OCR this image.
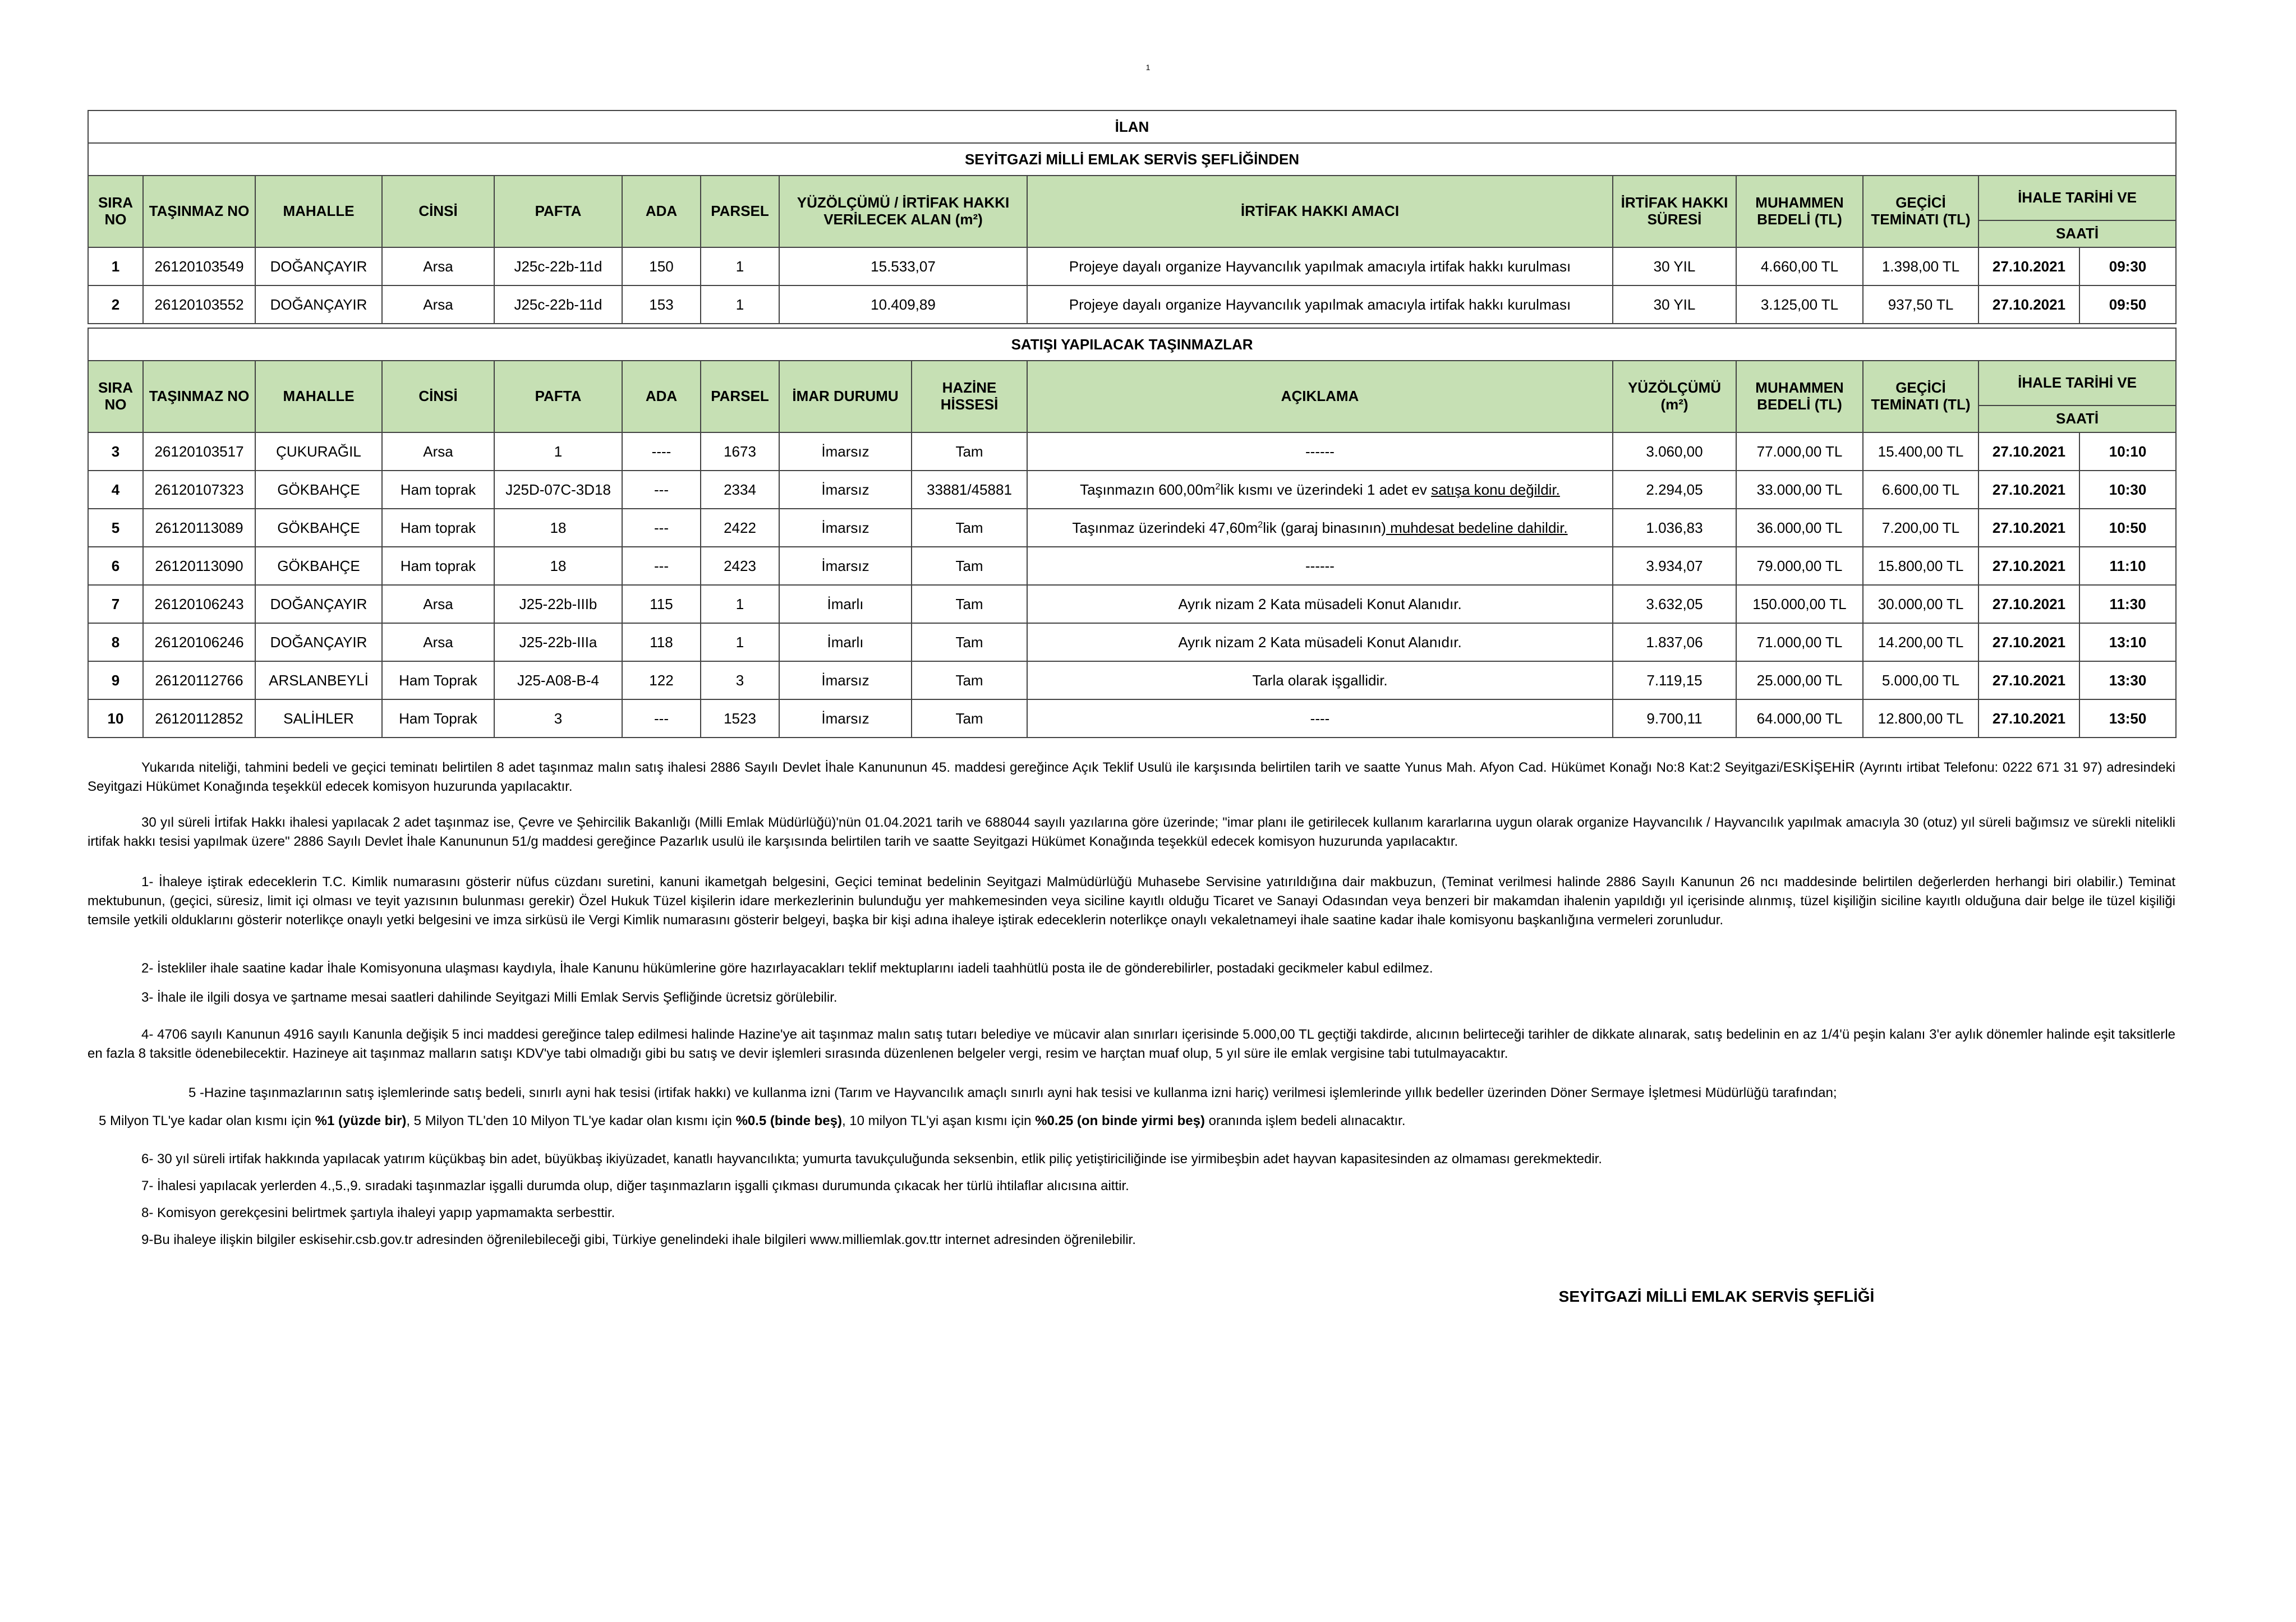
1
İLAN													
SEYİTGAZİ MİLLİ EMLAK SERVİS ŞEFLİĞİNDEN													
SIRA NO	TAŞINMAZ NO	MAHALLE	CİNSİ	PAFTA	ADA	PARSEL	YÜZÖLÇÜMÜ / İRTİFAK HAKKI VERİLECEK ALAN (m²)	İRTİFAK HAKKI AMACI	İRTİFAK HAKKI SÜRESİ	MUHAMMEN BEDELİ (TL)	GEÇİCİ TEMİNATI (TL)	İHALE TARİHİ VE	
												SAATİ	
1	26120103549	DOĞANÇAYIR	Arsa	J25c-22b-11d	150	1	15.533,07	Projeye dayalı organize Hayvancılık yapılmak amacıyla irtifak hakkı kurulması	30 YIL	4.660,00 TL	1.398,00 TL	27.10.2021	09:30
2	26120103552	DOĞANÇAYIR	Arsa	J25c-22b-11d	153	1	10.409,89	Projeye dayalı organize Hayvancılık yapılmak amacıyla irtifak hakkı kurulması	30 YIL	3.125,00 TL	937,50 TL	27.10.2021	09:50
SATIŞI YAPILACAK TAŞINMAZLAR														
SIRA NO	TAŞINMAZ NO	MAHALLE	CİNSİ	PAFTA	ADA	PARSEL	İMAR DURUMU	HAZİNE HİSSESİ	AÇIKLAMA	YÜZÖLÇÜMÜ (m²)	MUHAMMEN BEDELİ (TL)	GEÇİCİ TEMİNATI (TL)	İHALE TARİHİ VE	
													SAATİ	
3	26120103517	ÇUKURAĞIL	Arsa	1	----	1673	İmarsız	Tam	------	3.060,00	77.000,00 TL	15.400,00 TL	27.10.2021	10:10
4	26120107323	GÖKBAHÇE	Ham toprak	J25D-07C-3D18	---	2334	İmarsız	33881/45881	Taşınmazın $600,00m^2lik$ kısmı ve üzerindeki 1 adet ev satışa konu değildir.	2.294,05	33.000,00 TL	6.600,00 TL	27.10.2021	10:30
5	26120113089	GÖKBAHÇE	Ham toprak	18	---	2422	İmarsız	Tam	Taşınmaz üzerindeki $47,60m^2lik$ (garaj binasının) muhdesat bedeline dahildir.	1.036,83	36.000,00 TL	7.200,00 TL	27.10.2021	10:50
6	26120113090	GÖKBAHÇE	Ham toprak	18	---	2423	İmarsız	Tam	------	3.934,07	79.000,00 TL	15.800,00 TL	27.10.2021	11:10
7	26120106243	DOĞANÇAYIR	Arsa	J25-22b-IIIb	115	1	İmarlı	Tam	Ayrık nizam 2 Kata müsadeli Konut Alanıdır.	3.632,05	150.000,00 TL	30.000,00 TL	27.10.2021	11:30
8	26120106246	DOĞANÇAYIR	Arsa	J25-22b-IIIa	118	1	İmarlı	Tam	Ayrık nizam 2 Kata müsadeli Konut Alanıdır.	1.837,06	71.000,00 TL	14.200,00 TL	27.10.2021	13:10
9	26120112766	ARSLANBEYLİ	Ham Toprak	J25-A08-B-4	122	3	İmarsız	Tam	Tarla olarak işgallidir.	7.119,15	25.000,00 TL	5.000,00 TL	27.10.2021	13:30
10	26120112852	SALİHLER	Ham Toprak	3	---	1523	İmarsız	Tam	----	9.700,11	64.000,00 TL	12.800,00 TL	27.10.2021	13:50

Yukarıda niteliği, tahmini bedeli ve geçici teminatı belirtilen 8 adet taşınmaz malın satış ihalesi 2886 Sayılı Devlet İhale Kanununun 45. maddesi gereğince Açık Teklif Usulü ile karşısında belirtilen tarih ve saatte Yunus Mah. Afyon Cad. Hükümet Konağı No:8 Kat:2 Seyitgazi/ESKİŞEHİR (Ayrıntı irtibat Telefonu: 0222 671 31 97) adresindeki Seyitgazi Hükümet Konağında teşekkül edecek komisyon huzurunda yapılacaktır.

30 yıl süreli İrtifak Hakkı ihalesi yapılacak 2 adet taşınmaz ise, Çevre ve Şehircilik Bakanlığı (Milli Emlak Müdürlüğü)'nün 01.04.2021 tarih ve 688044 sayılı yazılarına göre üzerinde; "imar planı ile getirilecek kullanım kararlarına uygun olarak organize Hayvancılık / Hayvancılık yapılmak amacıyla 30 (otuz) yıl süreli bağımsız ve sürekli nitelikli irtifak hakkı tesisi yapılmak üzere" 2886 Sayılı Devlet İhale Kanununun 51/g maddesi gereğince Pazarlık usulü ile karşısında belirtilen tarih ve saatte Seyitgazi Hükümet Konağında teşekkül edecek komisyon huzurunda yapılacaktır.

1- İhaleye iştirak edeceklerin T.C. Kimlik numarasını gösterir nüfus cüzdanı suretini, kanuni ikametgah belgesini, Geçici teminat bedelinin Seyitgazi Malmüdürlüğü Muhasebe Servisine yatırıldığına dair makbuzun, (Teminat verilmesi halinde 2886 Sayılı Kanunun 26 ncı maddesinde belirtilen değerlerden herhangi biri olabilir.) Teminat mektubunun, (geçici, süresiz, limit içi olması ve teyit yazısının bulunması gerekir) Özel Hukuk Tüzel kişilerin idare merkezlerinin bulunduğu yer mahkemesinden veya siciline kayıtlı olduğu Ticaret ve Sanayi Odasından veya benzeri bir makamdan ihalenin yapıldığı yıl içerisinde alınmış, tüzel kişiliğin siciline kayıtlı olduğuna dair belge ile tüzel kişiliği temsile yetkili olduklarını gösterir noterlikçe onaylı yetki belgesini ve imza sirküsü ile Vergi Kimlik numarasını gösterir belgeyi, başka bir kişi adına ihaleye iştirak edeceklerin noterlikçe onaylı vekaletnameyi ihale saatine kadar ihale komisyonu başkanlığına vermeleri zorunludur.

2- İstekliler ihale saatine kadar İhale Komisyonuna ulaşması kaydıyla, İhale Kanunu hükümlerine göre hazırlayacakları teklif mektuplarını iadeli taahhütlü posta ile de gönderebilirler, postadaki gecikmeler kabul edilmez.

3- İhale ile ilgili dosya ve şartname mesai saatleri dahilinde Seyitgazi Milli Emlak Servis Şefliğinde ücretsiz görülebilir.

4- 4706 sayılı Kanunun 4916 sayılı Kanunla değişik 5 inci maddesi gereğince talep edilmesi halinde Hazine'ye ait taşınmaz malın satış tutarı belediye ve mücavir alan sınırları içerisinde 5.000,00 TL geçtiği takdirde, alıcının belirteceği tarihler de dikkate alınarak, satış bedelinin en az 1/4'ü peşin kalanı 3'er aylık dönemler halinde eşit taksitlerle en fazla 8 taksitle ödenebilecektir. Hazineye ait taşınmaz malların satışı KDV'ye tabi olmadığı gibi bu satış ve devir işlemleri sırasında düzenlenen belgeler vergi, resim ve harçtan muaf olup, 5 yıl süre ile emlak vergisine tabi tutulmayacaktır.

5 -Hazine taşınmazlarının satış işlemlerinde satış bedeli, sınırlı ayni hak tesisi (irtifak hakkı) ve kullanma izni (Tarım ve Hayvancılık amaçlı sınırlı ayni hak tesisi ve kullanma izni hariç) verilmesi işlemlerinde yıllık bedeller üzerinden Döner Sermaye İşletmesi Müdürlüğü tarafından;

5 Milyon TL'ye kadar olan kısmı için %1 (yüzde bir), 5 Milyon TL'den 10 Milyon TL'ye kadar olan kısmı için %0.5 (binde beş), 10 milyon TL'yi aşan kısmı için %0.25 (on binde yirmi beş) oranında işlem bedeli alınacaktır.

6- 30 yıl süreli irtifak hakkında yapılacak yatırım küçükbaş bin adet, büyükbaş ikiyüzadet, kanatlı hayvancılıkta; yumurta tavukçuluğunda seksenbin, etlik piliç yetiştiriciliğinde ise yirmibeşbin adet hayvan kapasitesinden az olmaması gerekmektedir.

7- İhalesi yapılacak yerlerden 4.,5.,9. sıradaki taşınmazlar işgalli durumda olup, diğer taşınmazların işgalli çıkması durumunda çıkacak her türlü ihtilaflar alıcısına aittir.

8- Komisyon gerekçesini belirtmek şartıyla ihaleyi yapıp yapmamakta serbesttir.

9-Bu ihaleye ilişkin bilgiler eskisehir.csb.gov.tr adresinden öğrenilebileceği gibi, Türkiye genelindeki ihale bilgileri www.milliemlak.gov.ttr internet adresinden öğrenilebilir.

SEYİTGAZİ MİLLİ EMLAK SERVİS ŞEFLİĞİ
